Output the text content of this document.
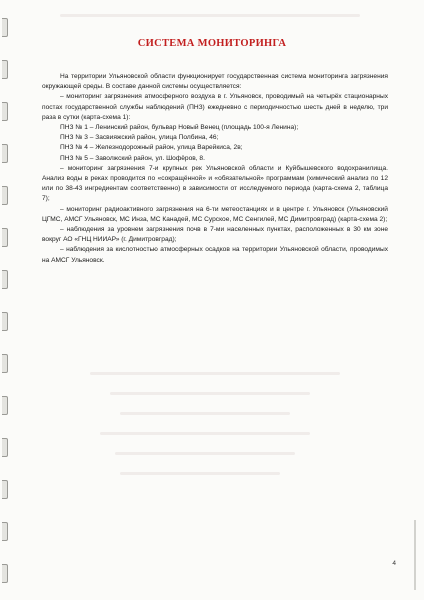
СИСТЕМА МОНИТОРИНГА

На территории Ульяновской области функционирует государственная система мониторинга загрязнения окружающей среды. В составе данной системы осуществляется:

– мониторинг загрязнения атмосферного воздуха в г. Ульяновск, проводимый на четырёх стационарных постах государственной службы наблюдений (ПНЗ) ежедневно с периодичностью шесть дней в неделю, три раза в сутки (карта-схема 1):

ПНЗ № 1 – Ленинский район, бульвар Новый Венец (площадь 100-я Ленина);

ПНЗ № 3 – Засвияжский район, улица Полбина, 46;

ПНЗ № 4 – Железнодорожный район, улица Варейкиса, 2в;

ПНЗ № 5 – Заволжский район, ул. Шофёров, 8.

– мониторинг загрязнения 7-и крупных рек Ульяновской области и Куйбышевского водохранилища. Анализ воды в реках проводится по «сокращённой» и «обязательной» программам (химический анализ по 12 или по 38-43 ингредиентам соответственно) в зависимости от исследуемого периода (карта-схема 2, таблица 7);

– мониторинг радиоактивного загрязнения на 6-ти метеостанциях и в центре г. Ульяновск (Ульяновский ЦГМС, АМСГ Ульяновск, МС Инза, МС Канадей, МС Сурское, МС Сенгилей, МС Димитровград) (карта-схема 2);

– наблюдения за уровнем загрязнения почв в 7-ми населенных пунктах, расположенных в 30 км зоне вокруг АО «ГНЦ НИИАР» (г. Димитровград);

– наблюдения за кислотностью атмосферных осадков на территории Ульяновской области, проводимых на АМСГ Ульяновск.

4
